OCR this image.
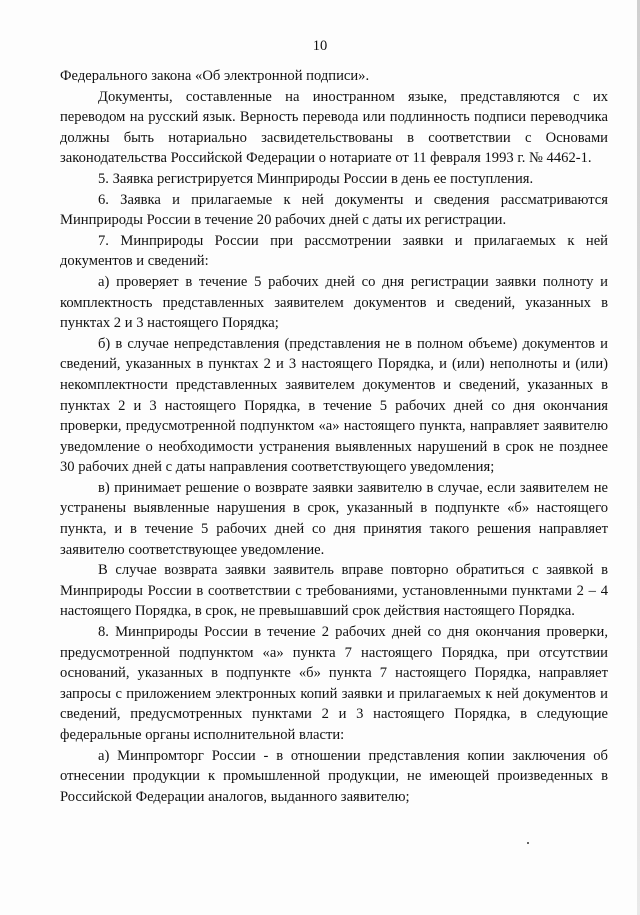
10

Федерального закона «Об электронной подписи».

Документы, составленные на иностранном языке, представляются с их переводом на русский язык. Верность перевода или подлинность подписи переводчика должны быть нотариально засвидетельствованы в соответствии с Основами законодательства Российской Федерации о нотариате от 11 февраля 1993 г. № 4462-1.

5. Заявка регистрируется Минприроды России в день ее поступления.

6. Заявка и прилагаемые к ней документы и сведения рассматриваются Минприроды России в течение 20 рабочих дней с даты их регистрации.

7. Минприроды России при рассмотрении заявки и прилагаемых к ней документов и сведений:

а) проверяет в течение 5 рабочих дней со дня регистрации заявки полноту и комплектность представленных заявителем документов и сведений, указанных в пунктах 2 и 3 настоящего Порядка;

б) в случае непредставления (представления не в полном объеме) документов и сведений, указанных в пунктах 2 и 3 настоящего Порядка, и (или) неполноты и (или) некомплектности представленных заявителем документов и сведений, указанных в пунктах 2 и 3 настоящего Порядка, в течение 5 рабочих дней со дня окончания проверки, предусмотренной подпунктом «а» настоящего пункта, направляет заявителю уведомление о необходимости устранения выявленных нарушений в срок не позднее 30 рабочих дней с даты направления соответствующего уведомления;

в) принимает решение о возврате заявки заявителю в случае, если заявителем не устранены выявленные нарушения в срок, указанный в подпункте «б» настоящего пункта, и в течение 5 рабочих дней со дня принятия такого решения направляет заявителю соответствующее уведомление.

В случае возврата заявки заявитель вправе повторно обратиться с заявкой в Минприроды России в соответствии с требованиями, установленными пунктами 2 – 4 настоящего Порядка, в срок, не превышавший срок действия настоящего Порядка.

8. Минприроды России в течение 2 рабочих дней со дня окончания проверки, предусмотренной подпунктом «а» пункта 7 настоящего Порядка, при отсутствии оснований, указанных в подпункте «б» пункта 7 настоящего Порядка, направляет запросы с приложением электронных копий заявки и прилагаемых к ней документов и сведений, предусмотренных пунктами 2 и 3 настоящего Порядка, в следующие федеральные органы исполнительной власти:

а) Минпромторг России - в отношении представления копии заключения об отнесении продукции к промышленной продукции, не имеющей произведенных в Российской Федерации аналогов, выданного заявителю;
